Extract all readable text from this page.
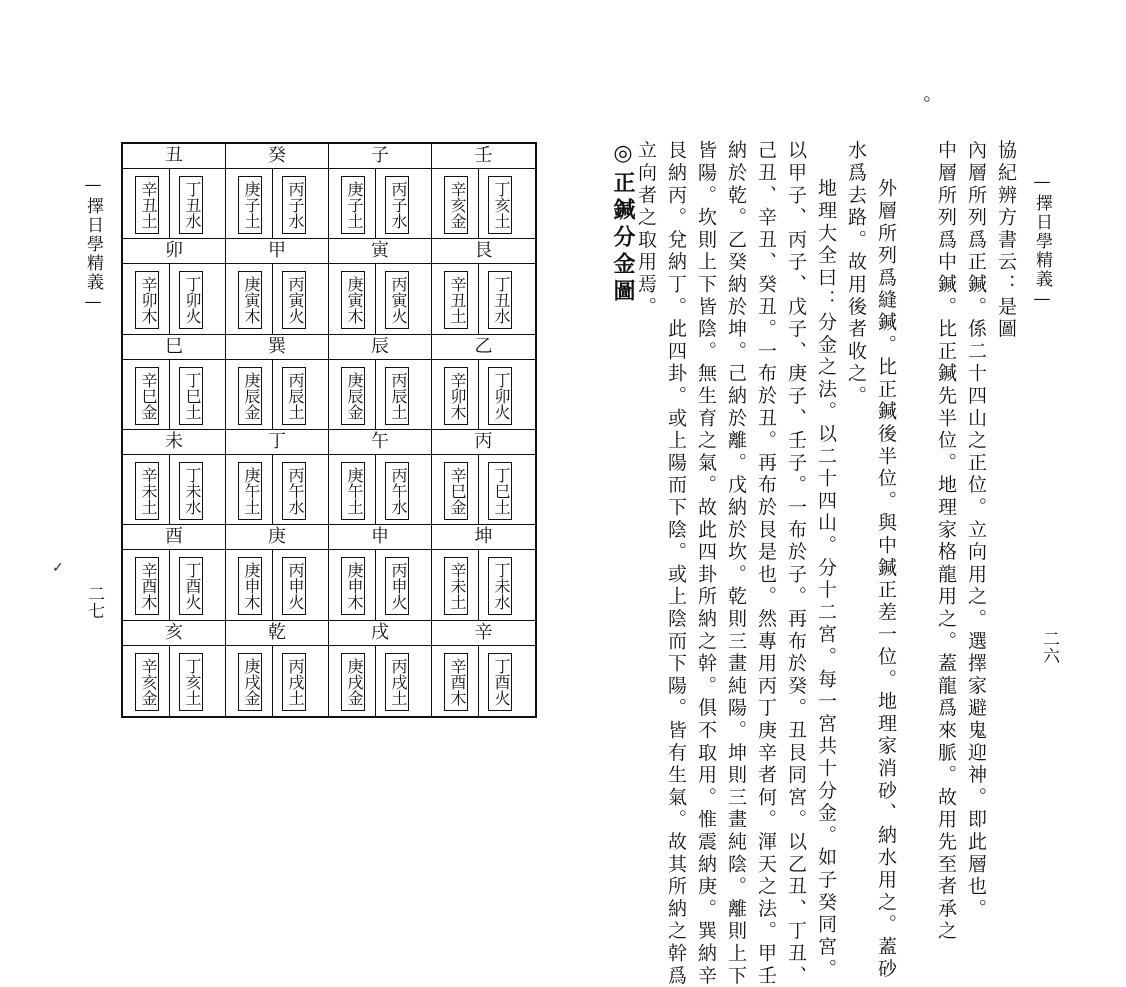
—擇日學精義—
二七
✓
丑
辛丑土 丁丑水
癸
庚子土 丙子水
子
庚子土 丙子水
壬
辛亥金 丁亥土
卯
辛卯木 丁卯火
甲
庚寅木 丙寅火
寅
庚寅木 丙寅火
艮
辛丑土 丁丑水
巳
辛巳金 丁巳土
巽
庚辰金 丙辰土
辰
庚辰金 丙辰土
乙
辛卯木 丁卯火
未
辛未土 丁未水
丁
庚午土 丙午水
午
庚午土 丙午水
丙
辛巳金 丁巳土
酉
辛酉木 丁酉火
庚
庚申木 丙申火
申
庚申木 丙申火
坤
辛未土 丁未水
亥
辛亥金 丁亥土
乾
庚戌金 丙戌土
戌
庚戌金 丙戌土
辛
辛酉木 丁酉火
—擇日學精義—
二六
協紀辨方書云：是圖
內層所列爲正鍼。係二十四山之正位。立向用之。選擇家避鬼迎神。即此層也。
中層所列爲中鍼。比正鍼先半位。地理家格龍用之。蓋龍爲來脈。故用先至者承之
。
外層所列爲縫鍼。比正鍼後半位。與中鍼正差一位。地理家消砂、納水用之。蓋砂
水爲去路。故用後者收之。
地理大全曰：分金之法。以二十四山。分十二宮。每一宮共十分金。如子癸同宮。
以甲子、丙子、戊子、庚子、壬子。一布於子。再布於癸。丑艮同宮。以乙丑、丁丑、
己丑、辛丑、癸丑。一布於丑。再布於艮是也。然專用丙丁庚辛者何。渾天之法。甲壬
納於乾。乙癸納於坤。己納於離。戊納於坎。乾則三畫純陽。坤則三畫純陰。離則上下
皆陽。坎則上下皆陰。無生育之氣。故此四卦所納之幹。俱不取用。惟震納庚。巽納辛
艮納丙。兌納丁。此四卦。或上陽而下陰。或上陰而下陽。皆有生氣。故其所納之幹爲
立向者之取用焉。
◎正鍼分金圖
